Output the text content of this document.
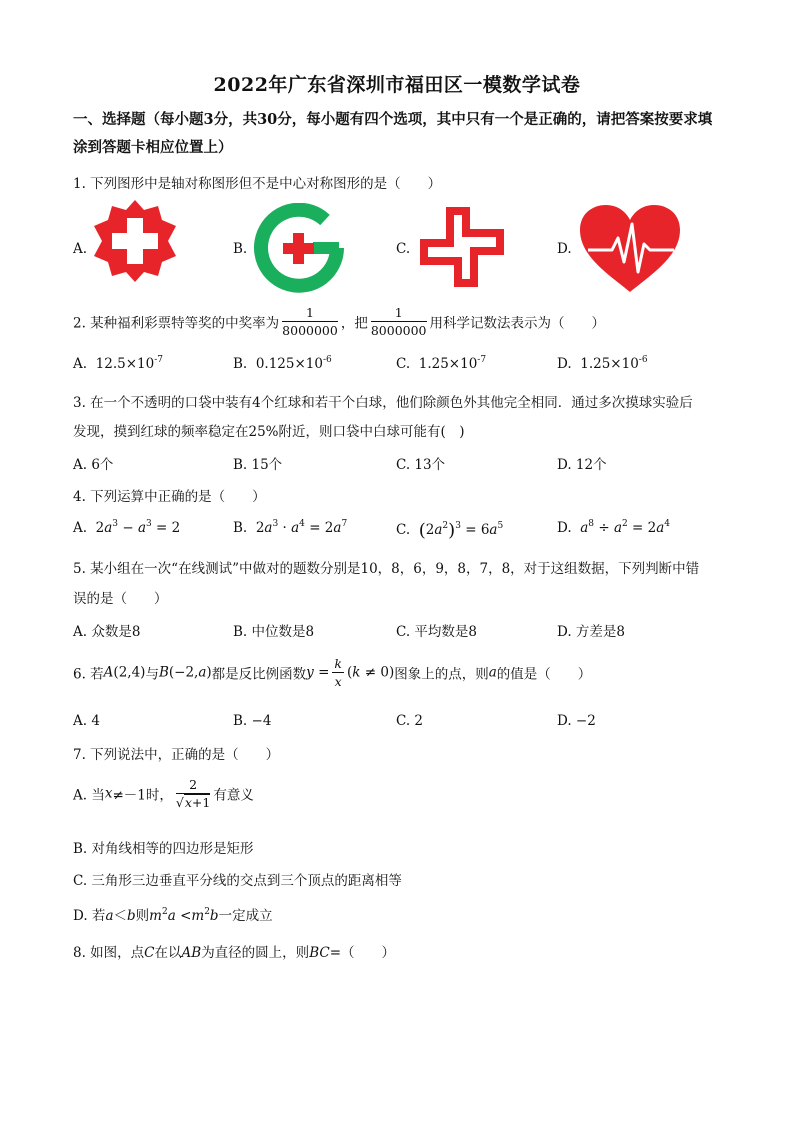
2022年广东省深圳市福田区一模数学试卷
一、选择题（每小题3分，共30分，每小题有四个选项，其中只有一个是正确的，请把答案按要求填涂到答题卡相应位置上）
1. 下列图形中是轴对称图形但不是中心对称图形的是（　　）
A.	B.	C.	D.
2. 某种福利彩票特等奖的中奖率为 $\frac{1}{8000000}$ ，把 $\frac{1}{8000000}$ 用科学记数法表示为（　　）
A. $12.5\times 10^{-7}$	B. $0.125\times 10^{-6}$	C. $1.25\times 10^{-7}$	D. $1.25\times 10^{-6}$
3. 在一个不透明的口袋中装有4个红球和若干个白球，他们除颜色外其他完全相同．通过多次摸球实验后
发现，摸到红球的频率稳定在25%附近，则口袋中白球可能有(　)
A. 6个	B. 15个	C. 13个	D. 12个
4. 下列运算中正确的是（　　）
A. $2a^3 - a^3 = 2$	B. $2a^3 \cdot a^4 = 2a^7$	C. $(2a^2)^3 = 6a^5$	D. $a^8 \div a^2 = 2a^4$
5. 某小组在一次“在线测试”中做对的题数分别是10，8，6，9，8，7，8，对于这组数据，下列判断中错
误的是（　　）
A. 众数是8	B. 中位数是8	C. 平均数是8	D. 方差是8
6. 若A(2,4)与B(−2,a)都是反比例函数$y = \frac{k}{x} (k \ne 0)$图象上的点，则a的值是（　　）
A. 4	B. −4	C. 2	D. −2
7. 下列说法中，正确的是（　　）
A. 当x≠－1时， $\frac{2}{√x+1}$ 有意义
B. 对角线相等的四边形是矩形
C. 三角形三边垂直平分线的交点到三个顶点的距离相等
D. 若a＜b则$m^2a <m^2b$一定成立
8. 如图，点C在以AB为直径的圆上，则BC=（　　）
